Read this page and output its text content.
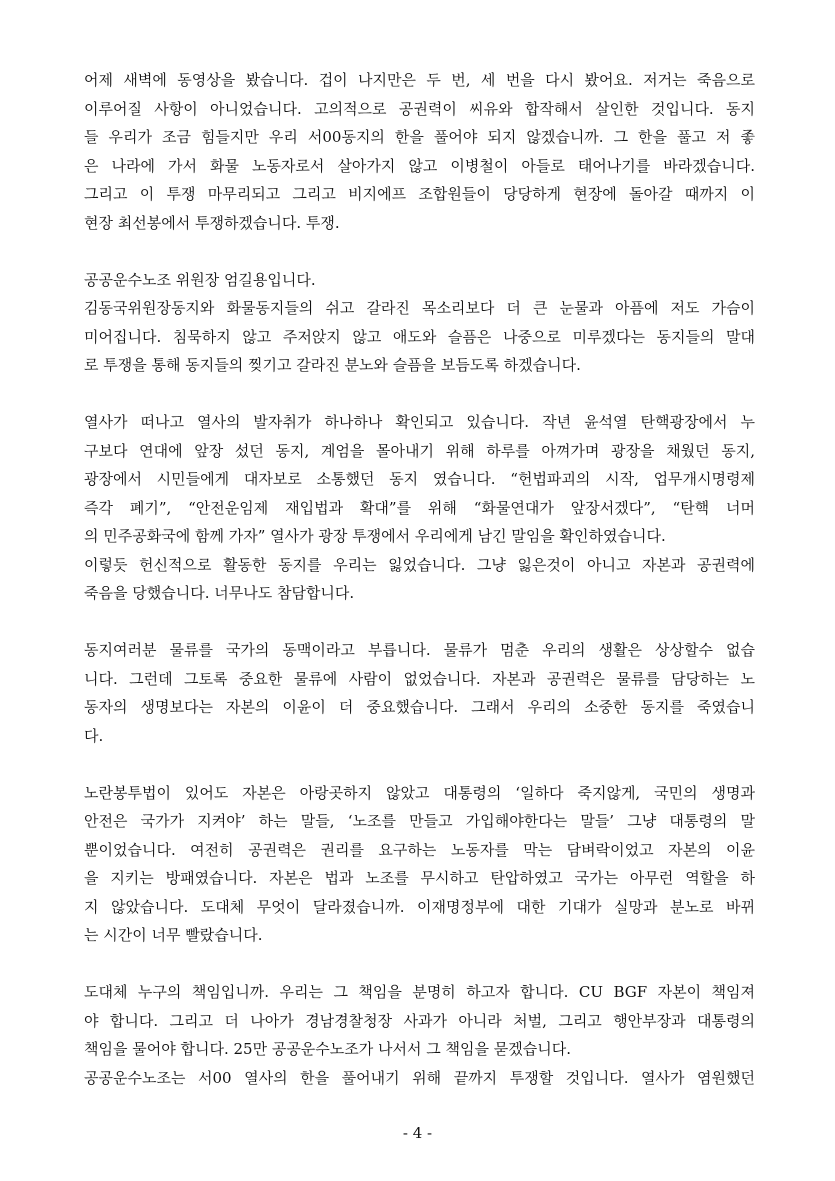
어제 새벽에 동영상을 봤습니다. 겁이 나지만은 두 번, 세 번을 다시 봤어요. 저거는 죽음으로
이루어질 사항이 아니었습니다. 고의적으로 공권력이 씨유와 합작해서 살인한 것입니다. 동지
들 우리가 조금 힘들지만 우리 서00동지의 한을 풀어야 되지 않겠습니까. 그 한을 풀고 저 좋
은 나라에 가서 화물 노동자로서 살아가지 않고 이병철이 아들로 태어나기를 바라겠습니다.
그리고 이 투쟁 마무리되고 그리고 비지에프 조합원들이 당당하게 현장에 돌아갈 때까지 이
현장 최선봉에서 투쟁하겠습니다. 투쟁.
공공운수노조 위원장 엄길용입니다.
김동국위원장동지와 화물동지들의 쉬고 갈라진 목소리보다 더 큰 눈물과 아픔에 저도 가슴이
미어집니다. 침묵하지 않고 주저앉지 않고 애도와 슬픔은 나중으로 미루겠다는 동지들의 말대
로 투쟁을 통해 동지들의 찢기고 갈라진 분노와 슬픔을 보듬도록 하겠습니다.
열사가 떠나고 열사의 발자취가 하나하나 확인되고 있습니다. 작년 윤석열 탄핵광장에서 누
구보다 연대에 앞장 섰던 동지, 계엄을 몰아내기 위해 하루를 아껴가며 광장을 채웠던 동지,
광장에서 시민들에게 대자보로 소통했던 동지 였습니다. “헌법파괴의 시작, 업무개시명령제
즉각 폐기”, “안전운임제 재입법과 확대”를 위해 “화물연대가 앞장서겠다”, “탄핵 너머
의 민주공화국에 함께 가자” 열사가 광장 투쟁에서 우리에게 남긴 말임을 확인하였습니다.
이렇듯 헌신적으로 활동한 동지를 우리는 잃었습니다. 그냥 잃은것이 아니고 자본과 공권력에
죽음을 당했습니다. 너무나도 참담합니다.
동지여러분 물류를 국가의 동맥이라고 부릅니다. 물류가 멈춘 우리의 생활은 상상할수 없습
니다. 그런데 그토록 중요한 물류에 사람이 없었습니다. 자본과 공권력은 물류를 담당하는 노
동자의 생명보다는 자본의 이윤이 더 중요했습니다. 그래서 우리의 소중한 동지를 죽였습니
다.
노란봉투법이 있어도 자본은 아랑곳하지 않았고 대통령의 ‘일하다 죽지않게, 국민의 생명과
안전은 국가가 지켜야’ 하는 말들, ‘노조를 만들고 가입해야한다는 말들’ 그냥 대통령의 말
뿐이었습니다. 여전히 공권력은 권리를 요구하는 노동자를 막는 담벼락이었고 자본의 이윤
을 지키는 방패였습니다. 자본은 법과 노조를 무시하고 탄압하였고 국가는 아무런 역할을 하
지 않았습니다. 도대체 무엇이 달라졌습니까. 이재명정부에 대한 기대가 실망과 분노로 바뀌
는 시간이 너무 빨랐습니다.
도대체 누구의 책임입니까. 우리는 그 책임을 분명히 하고자 합니다. CU BGF 자본이 책임져
야 합니다. 그리고 더 나아가 경남경찰청장 사과가 아니라 처벌, 그리고 행안부장과 대통령의
책임을 물어야 합니다. 25만 공공운수노조가 나서서 그 책임을 묻겠습니다.
공공운수노조는 서00 열사의 한을 풀어내기 위해 끝까지 투쟁할 것입니다. 열사가 염원했던
- 4 -
